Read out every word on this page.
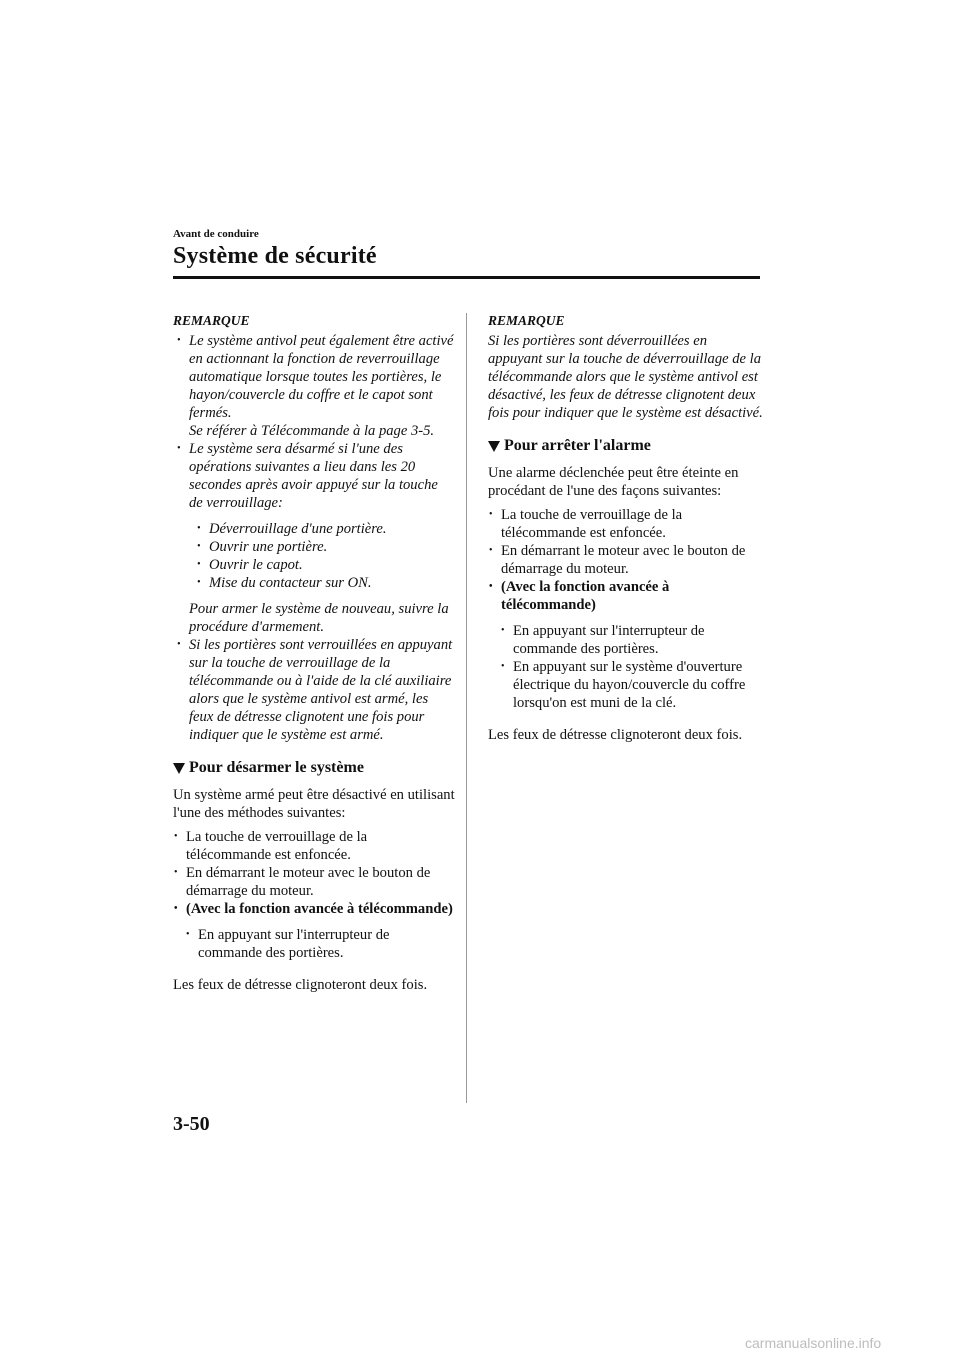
Avant de conduire
Système de sécurité
REMARQUE
• Le système antivol peut également être activé en actionnant la fonction de reverrouillage automatique lorsque toutes les portières, le hayon/couvercle du coffre et le capot sont fermés.
Se référer à Télécommande à la page 3-5.
• Le système sera désarmé si l'une des opérations suivantes a lieu dans les 20 secondes après avoir appuyé sur la touche de verrouillage:
• Déverrouillage d'une portière.
• Ouvrir une portière.
• Ouvrir le capot.
• Mise du contacteur sur ON.
Pour armer le système de nouveau, suivre la procédure d'armement.
• Si les portières sont verrouillées en appuyant sur la touche de verrouillage de la télécommande ou à l'aide de la clé auxiliaire alors que le système antivol est armé, les feux de détresse clignotent une fois pour indiquer que le système est armé.
Pour désarmer le système
Un système armé peut être désactivé en utilisant l'une des méthodes suivantes:
• La touche de verrouillage de la télécommande est enfoncée.
• En démarrant le moteur avec le bouton de démarrage du moteur.
• (Avec la fonction avancée à télécommande)
• En appuyant sur l'interrupteur de commande des portières.
Les feux de détresse clignoteront deux fois.
REMARQUE
Si les portières sont déverrouillées en appuyant sur la touche de déverrouillage de la télécommande alors que le système antivol est désactivé, les feux de détresse clignotent deux fois pour indiquer que le système est désactivé.
Pour arrêter l'alarme
Une alarme déclenchée peut être éteinte en procédant de l'une des façons suivantes:
• La touche de verrouillage de la télécommande est enfoncée.
• En démarrant le moteur avec le bouton de démarrage du moteur.
• (Avec la fonction avancée à télécommande)
• En appuyant sur l'interrupteur de commande des portières.
• En appuyant sur le système d'ouverture électrique du hayon/couvercle du coffre lorsqu'on est muni de la clé.
Les feux de détresse clignoteront deux fois.
3-50
carmanualsonline.info
